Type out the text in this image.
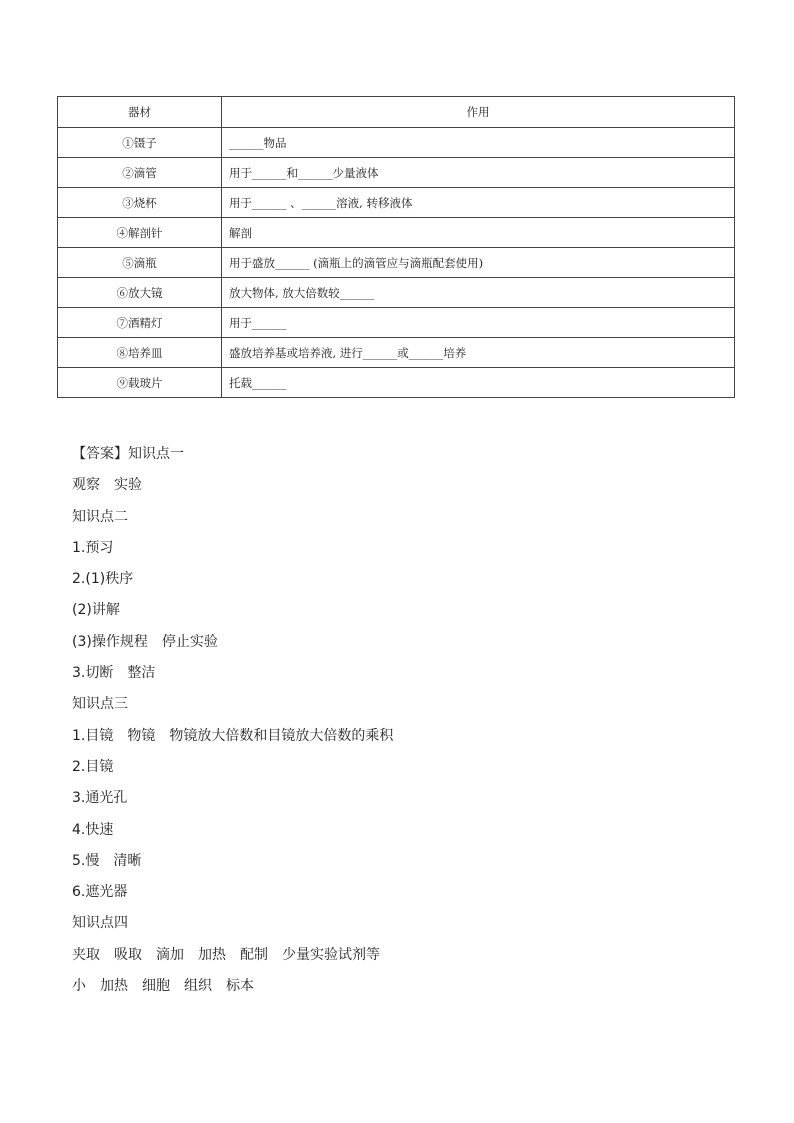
器材	作用
①镊子	______物品
②滴管	用于______和______少量液体
③烧杯	用于______ 、______溶液, 转移液体
④解剖针	解剖
⑤滴瓶	用于盛放______ (滴瓶上的滴管应与滴瓶配套使用)
⑥放大镜	放大物体, 放大倍数较______
⑦酒精灯	用于______
⑧培养皿	盛放培养基或培养液, 进行______或______培养
⑨载玻片	托载______
【答案】知识点一
观察　实验
知识点二
1.预习
2.(1)秩序
(2)讲解
(3)操作规程　停止实验
3.切断　整洁
知识点三
1.目镜　物镜　物镜放大倍数和目镜放大倍数的乘积
2.目镜
3.通光孔
4.快速
5.慢　清晰
6.遮光器
知识点四
夹取　吸取　滴加　加热　配制　少量实验试剂等
小　加热　细胞　组织　标本
